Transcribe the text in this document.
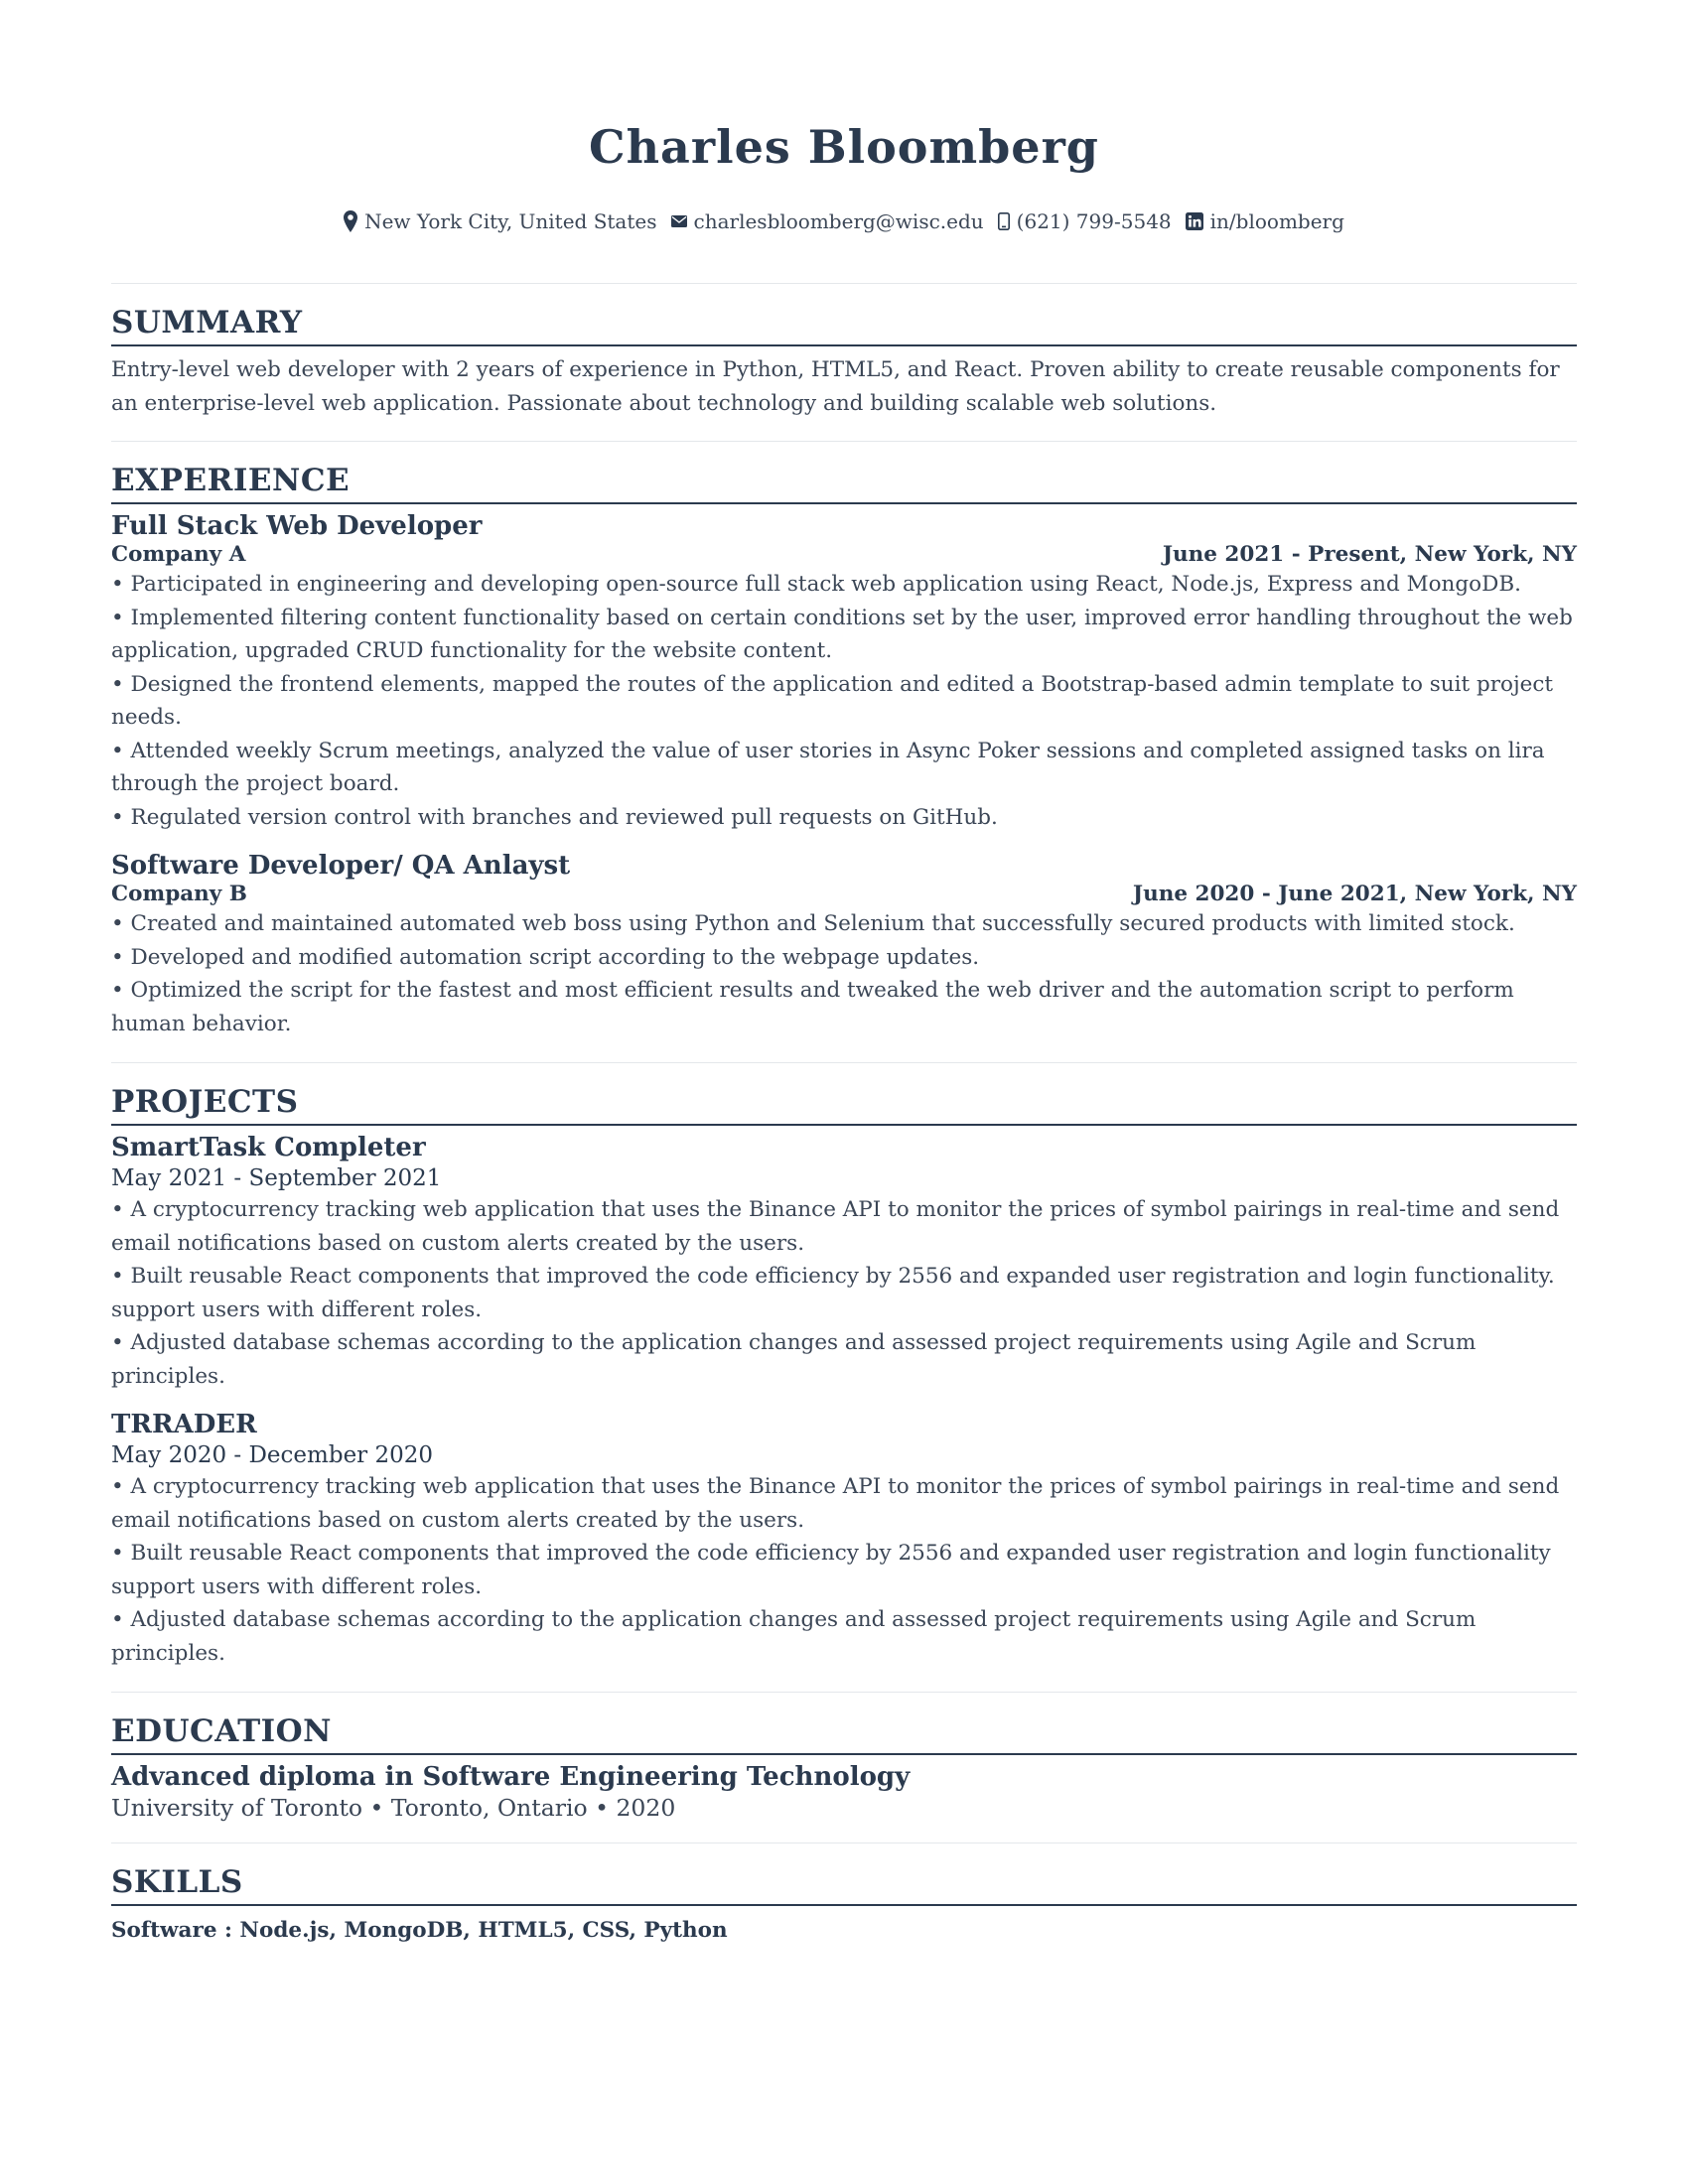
Charles Bloomberg
New York City, United States charlesbloomberg@wisc.edu (621) 799-5548 in/bloomberg
SUMMARY

Entry-level web developer with 2 years of experience in Python, HTML5, and React. Proven ability to create reusable components for an enterprise-level web application. Passionate about technology and building scalable web solutions.

EXPERIENCE
Full Stack Web Developer
Company A	June 2021 - Present, New York, NY
• Participated in engineering and developing open-source full stack web application using React, Node.js, Express and MongoDB.
• Implemented filtering content functionality based on certain conditions set by the user, improved error handling throughout the web application, upgraded CRUD functionality for the website content.
• Designed the frontend elements, mapped the routes of the application and edited a Bootstrap-based admin template to suit project needs.
• Attended weekly Scrum meetings, analyzed the value of user stories in Async Poker sessions and completed assigned tasks on lira through the project board.
• Regulated version control with branches and reviewed pull requests on GitHub.
Software Developer/ QA Anlayst
Company B	June 2020 - June 2021, New York, NY
• Created and maintained automated web boss using Python and Selenium that successfully secured products with limited stock.
• Developed and modified automation script according to the webpage updates.
• Optimized the script for the fastest and most efficient results and tweaked the web driver and the automation script to perform human behavior.
PROJECTS
SmartTask Completer
May 2021 - September 2021
• A cryptocurrency tracking web application that uses the Binance API to monitor the prices of symbol pairings in real-time and send email notifications based on custom alerts created by the users.
• Built reusable React components that improved the code efficiency by 2556 and expanded user registration and login functionality. support users with different roles.
• Adjusted database schemas according to the application changes and assessed project requirements using Agile and Scrum principles.
TRRADER
May 2020 - December 2020
• A cryptocurrency tracking web application that uses the Binance API to monitor the prices of symbol pairings in real-time and send email notifications based on custom alerts created by the users.
• Built reusable React components that improved the code efficiency by 2556 and expanded user registration and login functionality support users with different roles.
• Adjusted database schemas according to the application changes and assessed project requirements using Agile and Scrum principles.
EDUCATION
Advanced diploma in Software Engineering Technology
University of Toronto • Toronto, Ontario • 2020
SKILLS
Software : Node.js, MongoDB, HTML5, CSS, Python
